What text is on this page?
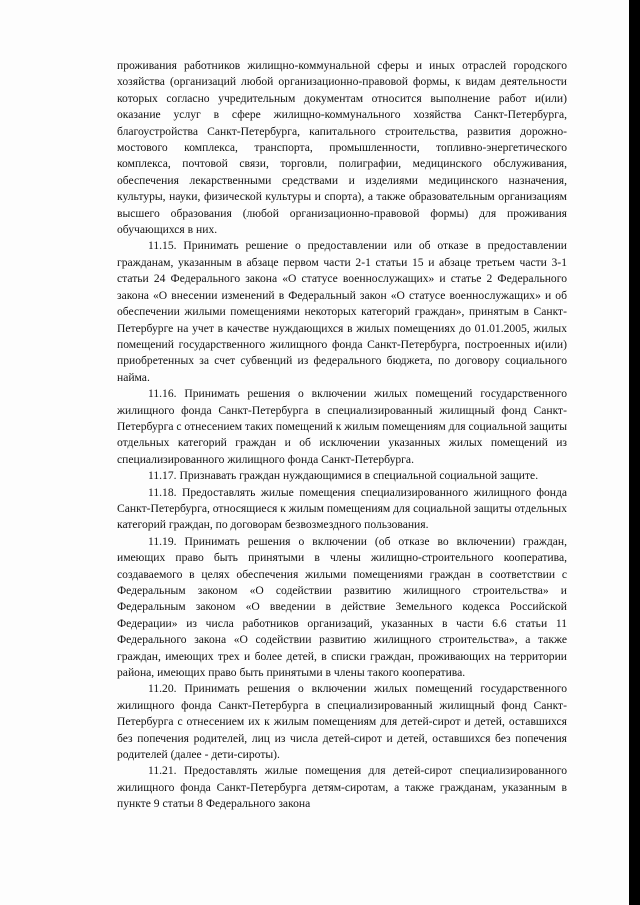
проживания работников жилищно-коммунальной сферы и иных отраслей городского хозяйства (организаций любой организационно-правовой формы, к видам деятельности которых согласно учредительным документам относится выполнение работ и(или) оказание услуг в сфере жилищно-коммунального хозяйства Санкт-Петербурга, благоустройства Санкт-Петербурга, капитального строительства, развития дорожно-мостового комплекса, транспорта, промышленности, топливно-энергетического комплекса, почтовой связи, торговли, полиграфии, медицинского обслуживания, обеспечения лекарственными средствами и изделиями медицинского назначения, культуры, науки, физической культуры и спорта), а также образовательным организациям высшего образования (любой организационно-правовой формы) для проживания обучающихся в них.

11.15. Принимать решение о предоставлении или об отказе в предоставлении гражданам, указанным в абзаце первом части 2-1 статьи 15 и абзаце третьем части 3-1 статьи 24 Федерального закона «О статусе военнослужащих» и статье 2 Федерального закона «О внесении изменений в Федеральный закон «О статусе военнослужащих» и об обеспечении жилыми помещениями некоторых категорий граждан», принятым в Санкт-Петербурге на учет в качестве нуждающихся в жилых помещениях до 01.01.2005, жилых помещений государственного жилищного фонда Санкт-Петербурга, построенных и(или) приобретенных за счет субвенций из федерального бюджета, по договору социального найма.

11.16. Принимать решения о включении жилых помещений государственного жилищного фонда Санкт-Петербурга в специализированный жилищный фонд Санкт-Петербурга с отнесением таких помещений к жилым помещениям для социальной защиты отдельных категорий граждан и об исключении указанных жилых помещений из специализированного жилищного фонда Санкт-Петербурга.

11.17. Признавать граждан нуждающимися в специальной социальной защите.

11.18. Предоставлять жилые помещения специализированного жилищного фонда Санкт-Петербурга, относящиеся к жилым помещениям для социальной защиты отдельных категорий граждан, по договорам безвозмездного пользования.

11.19. Принимать решения о включении (об отказе во включении) граждан, имеющих право быть принятыми в члены жилищно-строительного кооператива, создаваемого в целях обеспечения жилыми помещениями граждан в соответствии с Федеральным законом «О содействии развитию жилищного строительства» и Федеральным законом «О введении в действие Земельного кодекса Российской Федерации» из числа работников организаций, указанных в части 6.6 статьи 11 Федерального закона «О содействии развитию жилищного строительства», а также граждан, имеющих трех и более детей, в списки граждан, проживающих на территории района, имеющих право быть принятыми в члены такого кооператива.

11.20. Принимать решения о включении жилых помещений государственного жилищного фонда Санкт-Петербурга в специализированный жилищный фонд Санкт-Петербурга с отнесением их к жилым помещениям для детей-сирот и детей, оставшихся без попечения родителей, лиц из числа детей-сирот и детей, оставшихся без попечения родителей (далее - дети-сироты).

11.21. Предоставлять жилые помещения для детей-сирот специализированного жилищного фонда Санкт-Петербурга детям-сиротам, а также гражданам, указанным в пункте 9 статьи 8 Федерального закона
